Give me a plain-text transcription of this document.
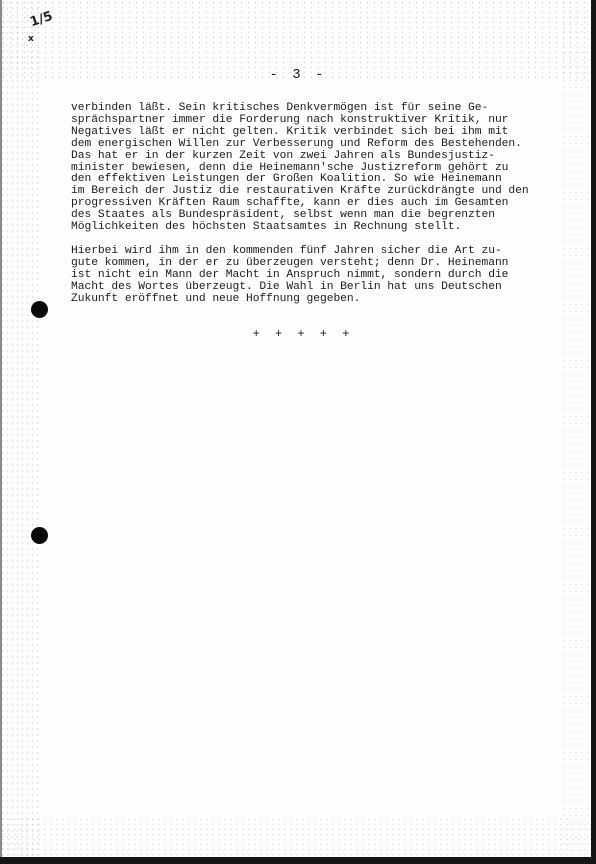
1/5
x
- 3 -
verbinden läßt. Sein kritisches Denkvermögen ist für seine Ge-
sprächspartner immer die Forderung nach konstruktiver Kritik, nur
Negatives läßt er nicht gelten. Kritik verbindet sich bei ihm mit
dem energischen Willen zur Verbesserung und Reform des Bestehenden.
Das hat er in der kurzen Zeit von zwei Jahren als Bundesjustiz-
minister bewiesen, denn die Heinemann'sche Justizreform gehört zu
den effektiven Leistungen der Großen Koalition. So wie Heinemann
im Bereich der Justiz die restaurativen Kräfte zurückdrängte und den
progressiven Kräften Raum schaffte, kann er dies auch im Gesamten
des Staates als Bundespräsident, selbst wenn man die begrenzten
Möglichkeiten des höchsten Staatsamtes in Rechnung stellt.
Hierbei wird ihm in den kommenden fünf Jahren sicher die Art zu-
gute kommen, in der er zu überzeugen versteht; denn Dr. Heinemann
ist nicht ein Mann der Macht in Anspruch nimmt, sondern durch die
Macht des Wortes überzeugt. Die Wahl in Berlin hat uns Deutschen
Zukunft eröffnet und neue Hoffnung gegeben.
+ + + + +
